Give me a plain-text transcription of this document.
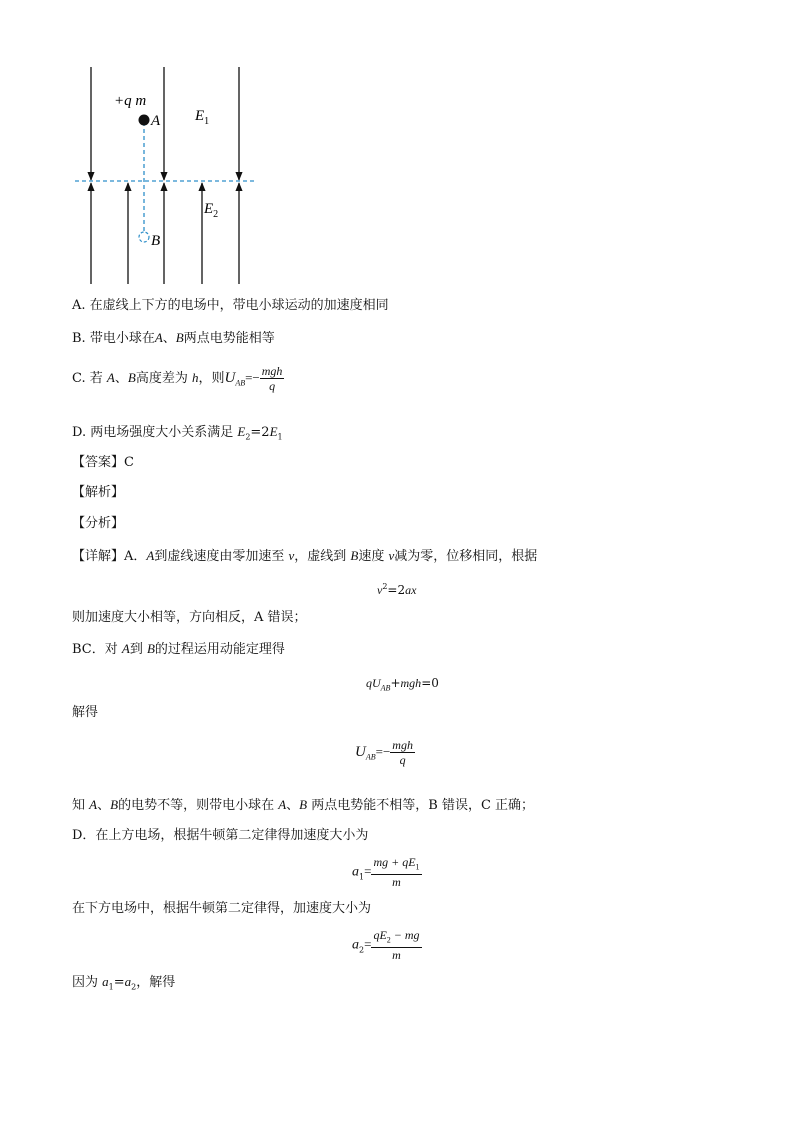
+q m
A
B
$E_1$
$E_2$
A. 在虚线上下方的电场中，带电小球运动的加速度相同
B. 带电小球在A、B两点电势能相等
C. 若 A、B高度差为 h，则$U_{AB}=- \frac{\text{mgh}}{q}$
D. 两电场强度大小关系满足 $E_2=2E_1$
【答案】C
【解析】
【分析】
【详解】A．A到虚线速度由零加速至 v，虚线到 B速度 v减为零，位移相同，根据
$v^2=2ax$
则加速度大小相等，方向相反，A 错误；
BC．对 A到 B的过程运用动能定理得
$qU_{AB}+mgh=0$
解得
$U_{AB}=- \frac{\text{mgh}}{q}$
知 A、B的电势不等，则带电小球在 A、B 两点电势能不相等，B 错误，C 正确；
D．在上方电场，根据牛顿第二定律得加速度大小为
$a_1= \frac{mg + qE_1}{m}$
在下方电场中，根据牛顿第二定律得，加速度大小为
$a_2= \frac{qE_2 - mg}{m}$
因为 $a_1=a_2$，解得
